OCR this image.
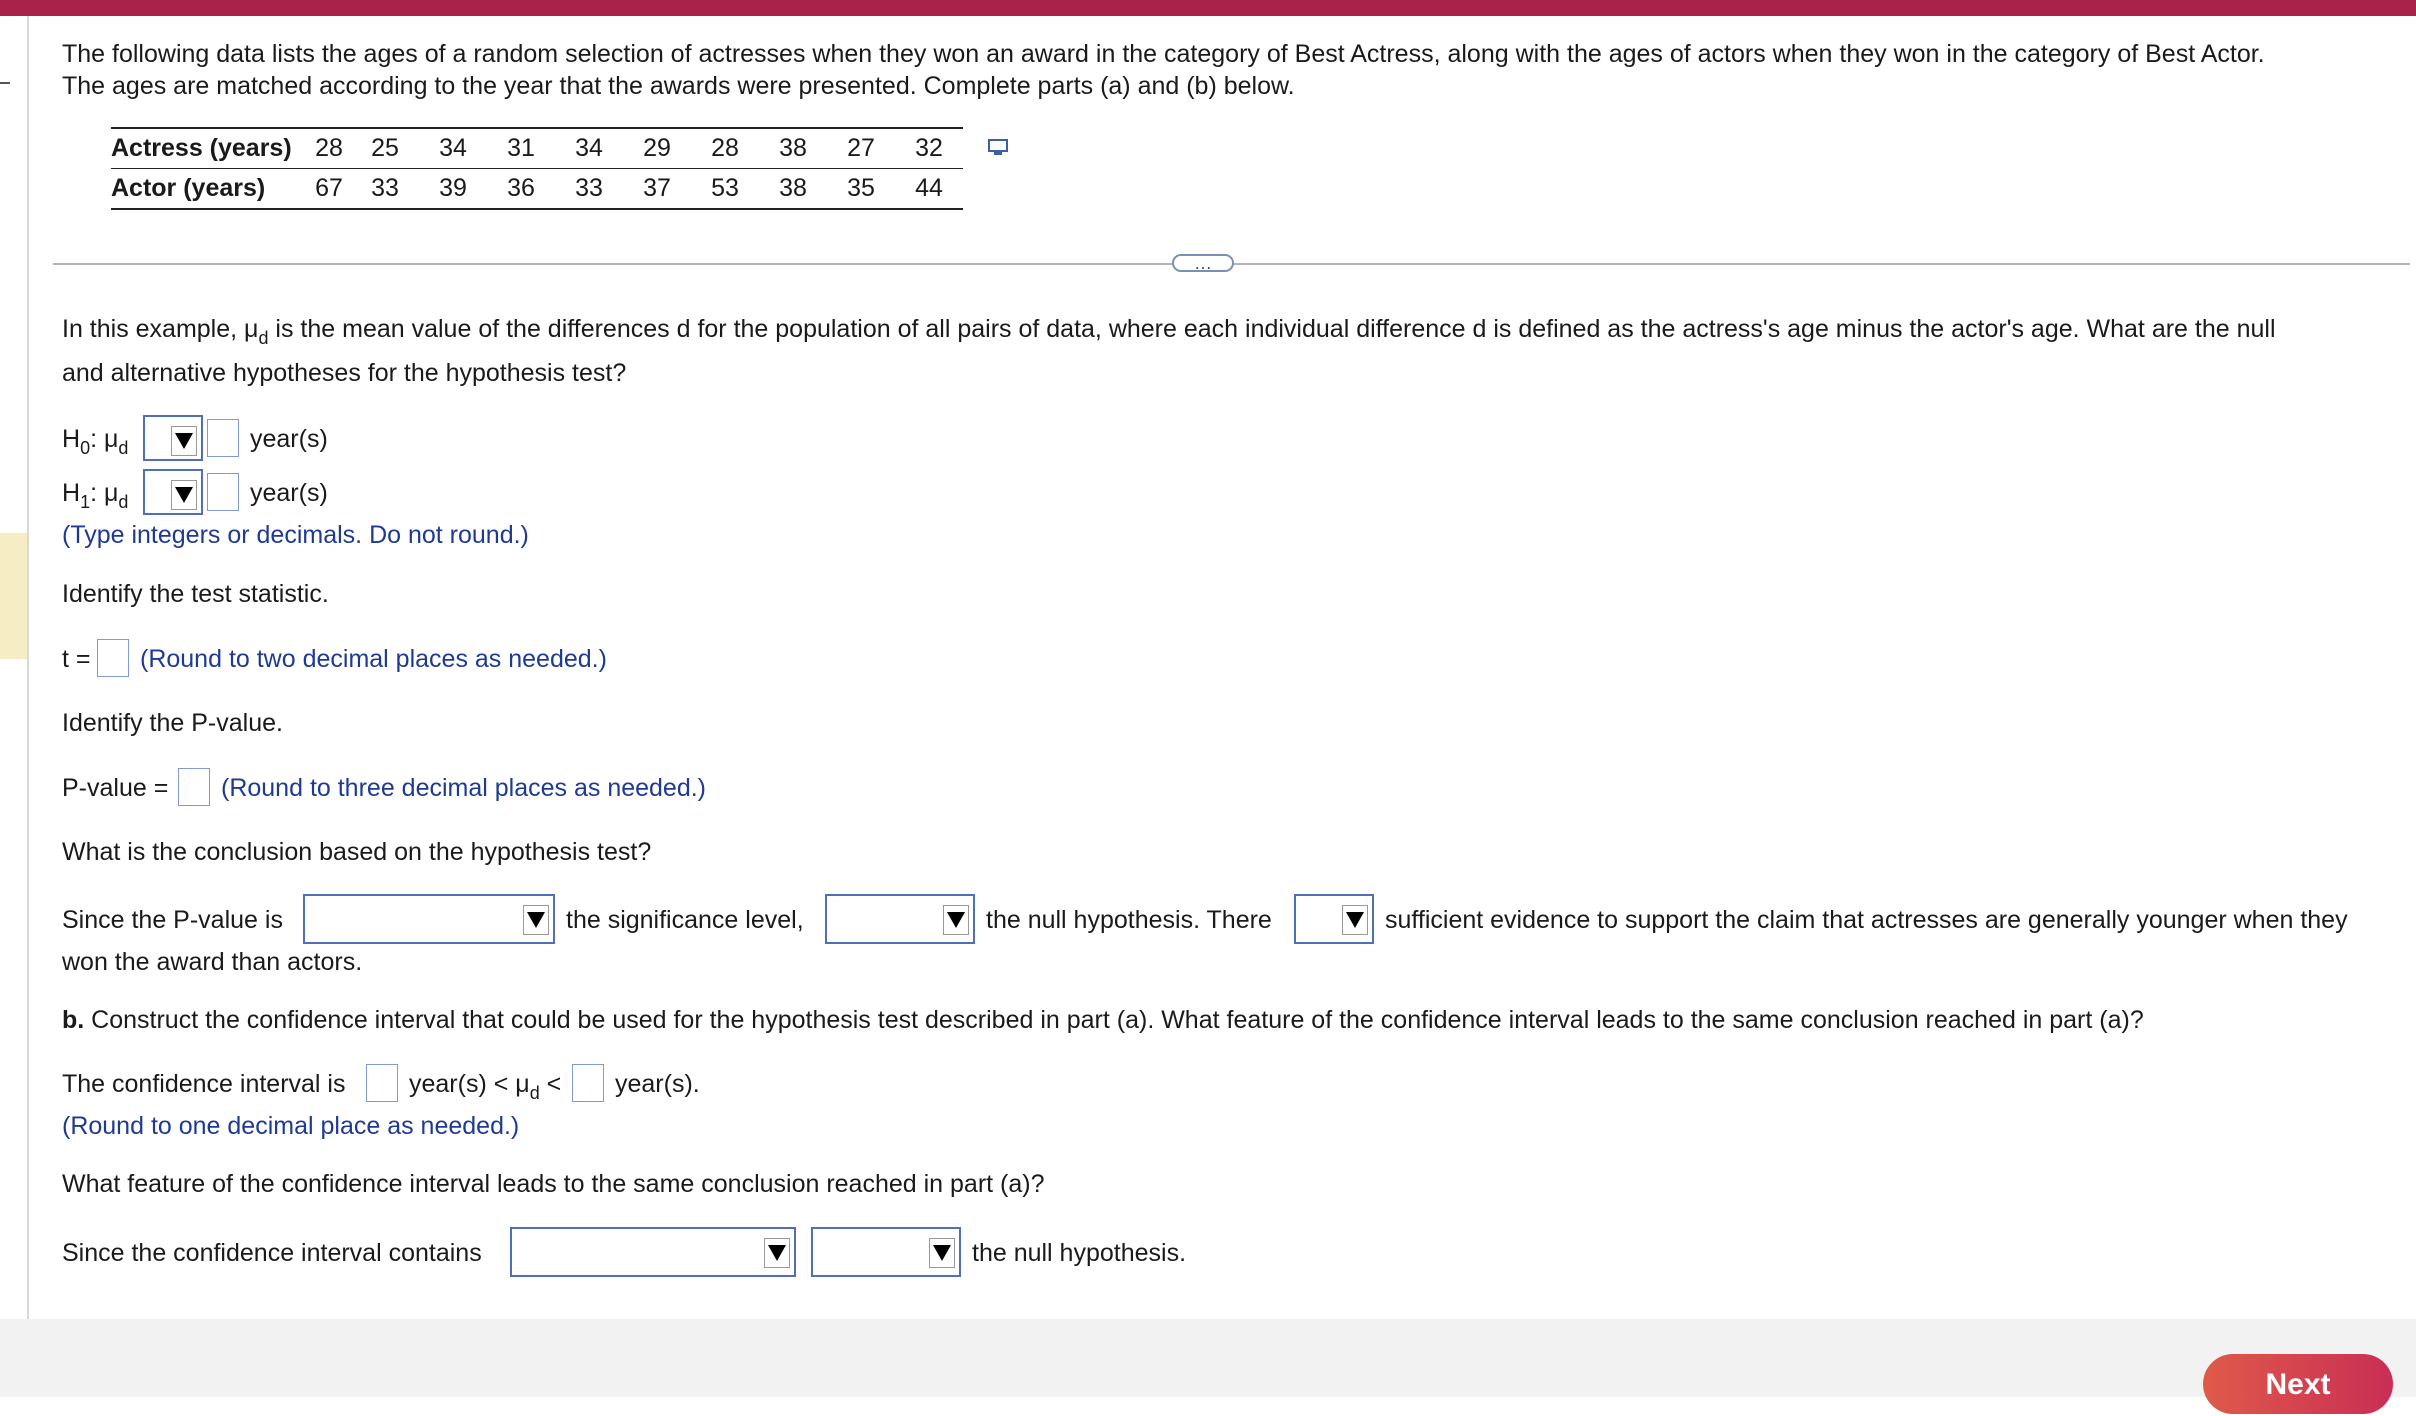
The following data lists the ages of a random selection of actresses when they won an award in the category of Best Actress, along with the ages of actors when they won in the category of Best Actor.
The ages are matched according to the year that the awards were presented. Complete parts (a) and (b) below.
Actress (years)	28	25	34	31	34	29	28	38	27	32
Actor (years)	67	33	39	36	33	37	53	38	35	44
…
In this example, $\mu_d$ is the mean value of the differences d for the population of all pairs of data, where each individual difference d is defined as the actress's age minus the actor's age. What are the null
and alternative hypotheses for the hypothesis test?
$H_0$: $\mu_d$	year(s)
$H_1$: $\mu_d$	year(s)
(Type integers or decimals. Do not round.)
Identify the test statistic.
t = (Round to two decimal places as needed.)
Identify the P-value.
P-value = (Round to three decimal places as needed.)
What is the conclusion based on the hypothesis test?
Since the P-value is	the significance level,	the null hypothesis. There	sufficient evidence to support the claim that actresses are generally younger when they
won the award than actors.
b. Construct the confidence interval that could be used for the hypothesis test described in part (a). What feature of the confidence interval leads to the same conclusion reached in part (a)?
The confidence interval is	year(s) < $\mu_d$ < year(s).
(Round to one decimal place as needed.)
What feature of the confidence interval leads to the same conclusion reached in part (a)?
Since the confidence interval contains	the null hypothesis.
Next
